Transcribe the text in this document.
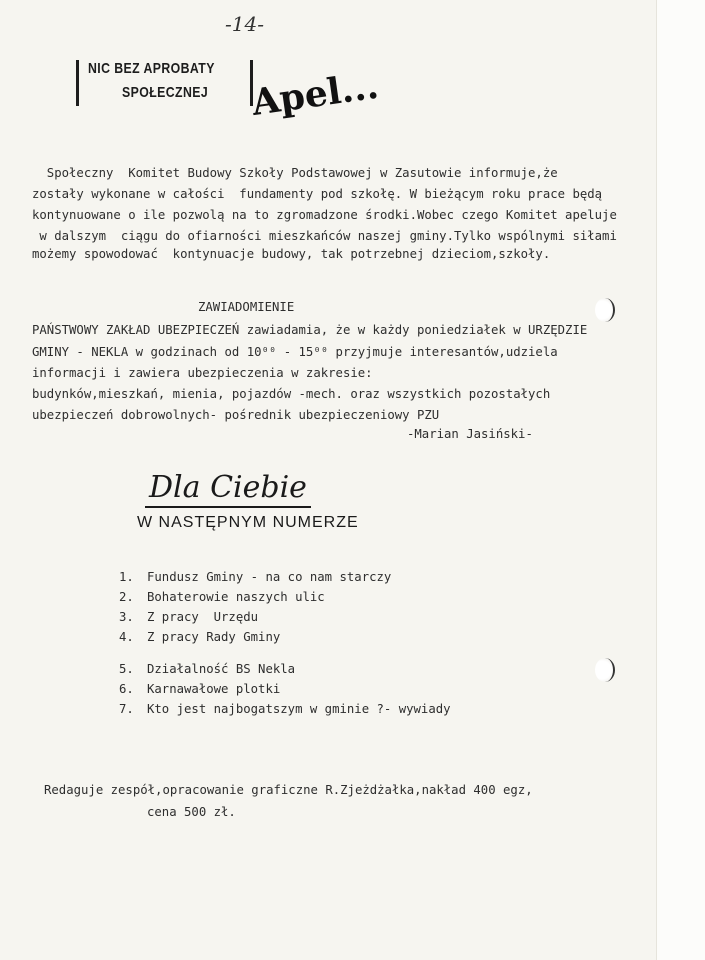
-14-
NIC BEZ APROBATY
SPOŁECZNEJ Apel...
Społeczny  Komitet Budowy Szkoły Podstawowej w Zasutowie informuje,że
zostały wykonane w całości  fundamenty pod szkołę. W bieżącym roku prace będą
kontynuowane o ile pozwolą na to zgromadzone środki.Wobec czego Komitet apeluje
w dalszym  ciągu do ofiarności mieszkańców naszej gminy.Tylko wspólnymi siłami
możemy spowodować  kontynuacje budowy, tak potrzebnej dzieciom,szkoły.
ZAWIADOMIENIE
PAŃSTWOWY ZAKŁAD UBEZPIECZEŃ zawiadamia, że w każdy poniedziałek w URZĘDZIE
GMINY - NEKLA w godzinach od 10⁰⁰ - 15⁰⁰ przyjmuje interesantów,udziela
informacji i zawiera ubezpieczenia w zakresie:
budynków,mieszkań, mienia, pojazdów -mech. oraz wszystkich pozostałych
ubezpieczeń dobrowolnych- pośrednik ubezpieczeniowy PZU
-Marian Jasiński-
Dla Ciebie
W NASTĘPNYM NUMERZE
1. Fundusz Gminy - na co nam starczy
2. Bohaterowie naszych ulic
3. Z pracy  Urzędu
4. Z pracy Rady Gminy
5. Działalność BS Nekla
6. Karnawałowe plotki
7. Kto jest najbogatszym w gminie ?- wywiady
Redaguje zespół,opracowanie graficzne R.Zjeżdżałka,nakład 400 egz,
cena 500 zł.
